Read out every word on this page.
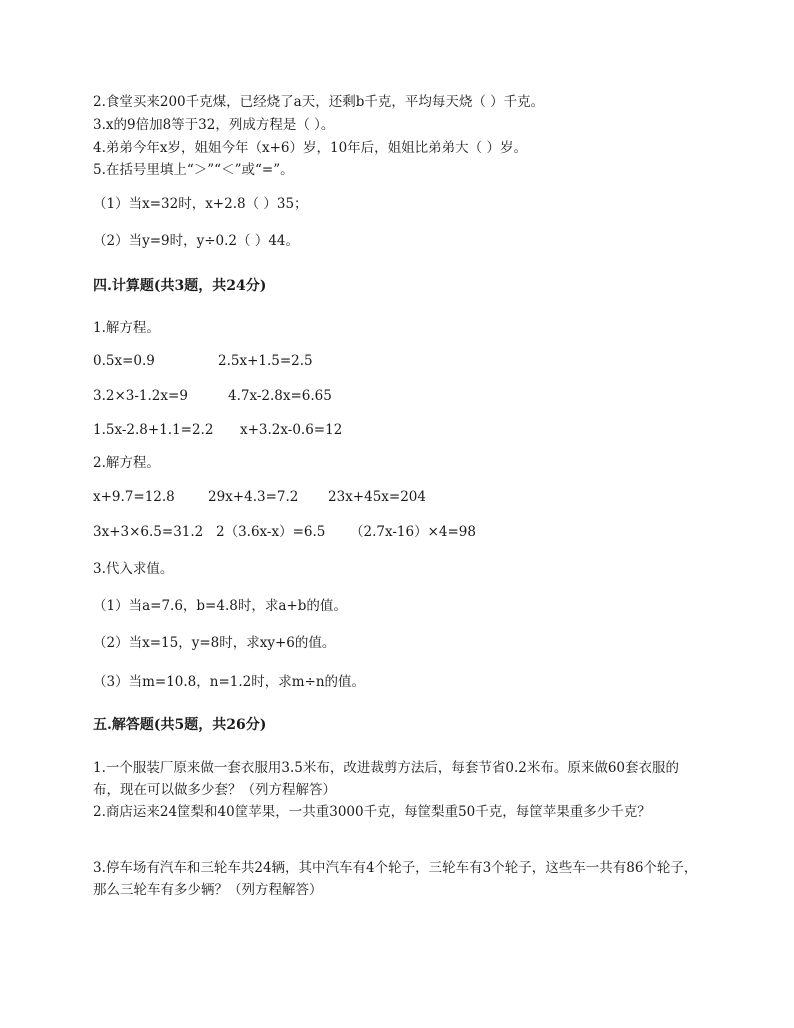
2.食堂买来200千克煤，已经烧了a天，还剩b千克，平均每天烧（ ）千克。
3.x的9倍加8等于32，列成方程是（ ）。
4.弟弟今年x岁，姐姐今年（x+6）岁，10年后，姐姐比弟弟大（ ）岁。
5.在括号里填上“＞”“＜”或“=”。
（1）当x=32时，x+2.8（ ）35；
（2）当y=9时，y÷0.2（ ）44。
四.计算题(共3题，共24分)
1.解方程。
0.5x=0.9	2.5x+1.5=2.5
3.2×3-1.2x=9	4.7x-2.8x=6.65
1.5x-2.8+1.1=2.2 x+3.2x-0.6=12
2.解方程。
x+9.7=12.8 29x+4.3=7.2 23x+45x=204
3x+3×6.5=31.2 2（3.6x-x）=6.5 （2.7x-16）×4=98
3.代入求值。
（1）当a=7.6，b=4.8时，求a+b的值。
（2）当x=15，y=8时，求xy+6的值。
（3）当m=10.8，n=1.2时，求m÷n的值。
五.解答题(共5题，共26分)
1.一个服装厂原来做一套衣服用3.5米布，改进裁剪方法后，每套节省0.2米布。原来做60套衣服的布，现在可以做多少套？（列方程解答）
2.商店运来24筐梨和40筐苹果，一共重3000千克，每筐梨重50千克，每筐苹果重多少千克？
3.停车场有汽车和三轮车共24辆，其中汽车有4个轮子，三轮车有3个轮子，这些车一共有86个轮子，那么三轮车有多少辆？（列方程解答）
